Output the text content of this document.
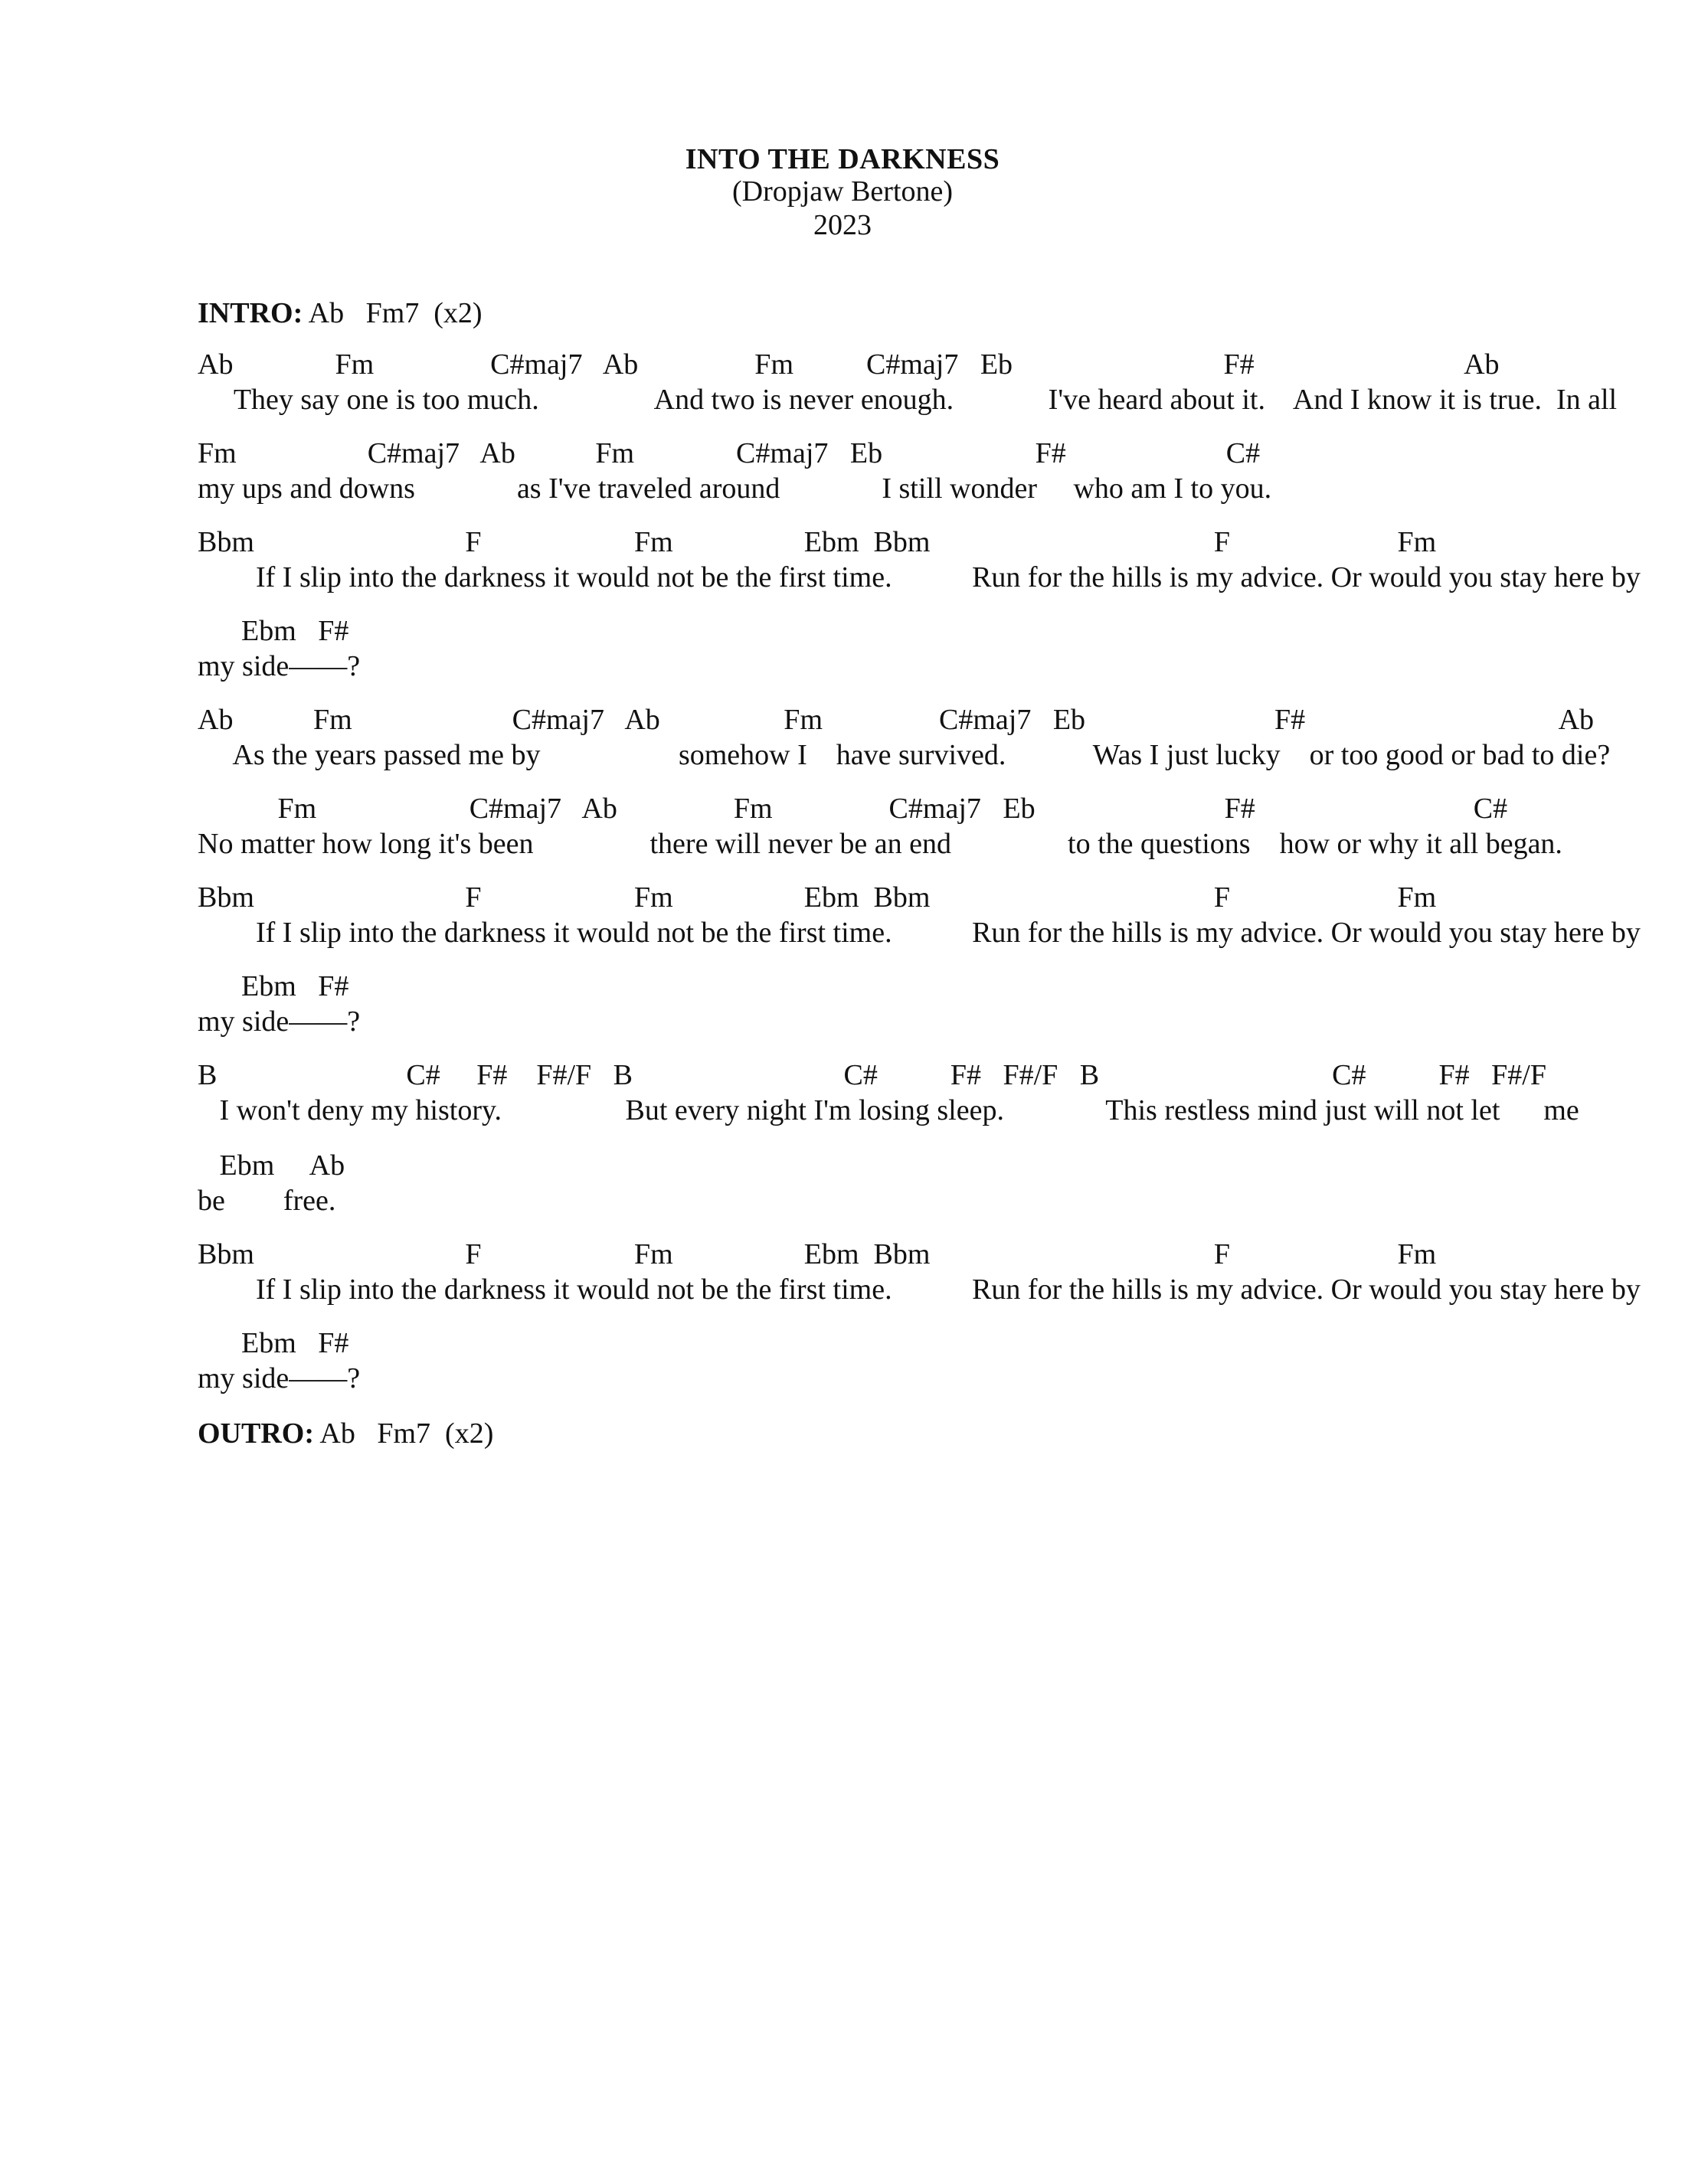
INTO THE DARKNESS
(Dropjaw Bertone)
2023
INTRO: Ab   Fm7  (x2)
Ab              Fm                C#maj7   Ab                Fm          C#maj7   Eb                             F#                             Ab
They say one is too much.                And two is never enough.             I've heard about it.    And I know it is true.  In all
Fm                  C#maj7   Ab           Fm              C#maj7   Eb                     F#                      C#
my ups and downs              as I've traveled around              I still wonder     who am I to you.
Bbm                             F                     Fm                  Ebm  Bbm                                       F                       Fm
If I slip into the darkness it would not be the first time.           Run for the hills is my advice. Or would you stay here by
Ebm   F#
my side——?
Ab           Fm                      C#maj7   Ab                 Fm                C#maj7   Eb                          F#                                   Ab
As the years passed me by                   somehow I    have survived.            Was I just lucky    or too good or bad to die?
Fm                     C#maj7   Ab                Fm                C#maj7   Eb                          F#                              C#
No matter how long it's been                there will never be an end                to the questions    how or why it all began.
Bbm                             F                     Fm                  Ebm  Bbm                                       F                       Fm
If I slip into the darkness it would not be the first time.           Run for the hills is my advice. Or would you stay here by
Ebm   F#
my side——?
B                          C#     F#    F#/F   B                             C#          F#   F#/F   B                                C#          F#   F#/F
I won't deny my history.                 But every night I'm losing sleep.              This restless mind just will not let      me
Ebm     Ab
be        free.
Bbm                             F                     Fm                  Ebm  Bbm                                       F                       Fm
If I slip into the darkness it would not be the first time.           Run for the hills is my advice. Or would you stay here by
Ebm   F#
my side——?
OUTRO: Ab   Fm7  (x2)
